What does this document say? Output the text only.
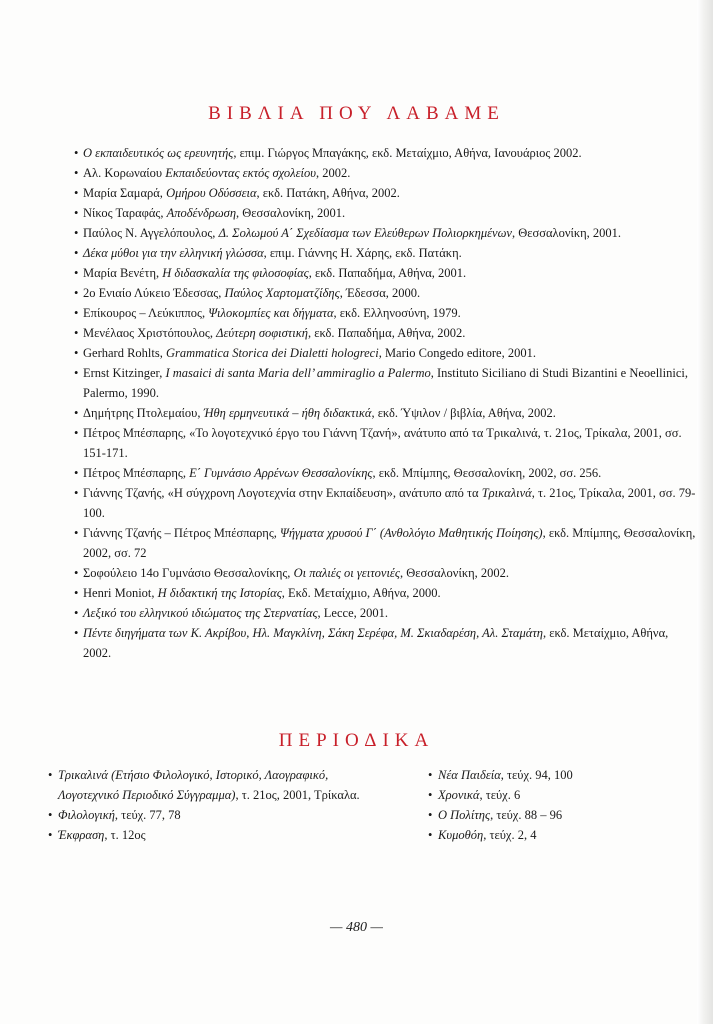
ΒΙΒΛΙΑ ΠΟΥ ΛΑΒΑΜΕ
• Ο εκπαιδευτικός ως ερευνητής, επιμ. Γιώργος Μπαγάκης, εκδ. Μεταίχμιο, Αθήνα, Ιανουάριος 2002.
• Αλ. Κορωναίου Εκπαιδεύοντας εκτός σχολείου, 2002.
• Μαρία Σαμαρά, Ομήρου Οδύσσεια, εκδ. Πατάκη, Αθήνα, 2002.
• Νίκος Ταραφάς, Αποδένδρωση, Θεσσαλονίκη, 2001.
• Παύλος Ν. Αγγελόπουλος, Δ. Σολωμού Α΄ Σχεδίασμα των Ελεύθερων Πολιορκημένων, Θεσσαλονίκη, 2001.
• Δέκα μύθοι για την ελληνική γλώσσα, επιμ. Γιάννης Η. Χάρης, εκδ. Πατάκη.
• Μαρία Βενέτη, Η διδασκαλία της φιλοσοφίας, εκδ. Παπαδήμα, Αθήνα, 2001.
• 2ο Ενιαίο Λύκειο Έδεσσας, Παύλος Χαρτοματζίδης, Έδεσσα, 2000.
• Επίκουρος – Λεύκιππος, Ψιλοκομπίες και δήγματα, εκδ. Ελληνοσύνη, 1979.
• Μενέλαος Χριστόπουλος, Δεύτερη σοφιστική, εκδ. Παπαδήμα, Αθήνα, 2002.
• Gerhard Rohlts, Grammatica Storica dei Dialetti hologreci, Mario Congedo editore, 2001.
• Ernst Kitzinger, I masaici di santa Maria dell’ ammiraglio a Palermo, Instituto Siciliano di Studi Bizantini e Neoellinici, Palermo, 1990.
• Δημήτρης Πτολεμαίου, Ήθη ερμηνευτικά – ήθη διδακτικά, εκδ. Ύψιλον / βιβλία, Αθήνα, 2002.
• Πέτρος Μπέσπαρης, «Το λογοτεχνικό έργο του Γιάννη Τζανή», ανάτυπο από τα Τρικαλινά, τ. 21ος, Τρίκαλα, 2001, σσ. 151-171.
• Πέτρος Μπέσπαρης, Ε΄ Γυμνάσιο Αρρένων Θεσσαλονίκης, εκδ. Μπίμπης, Θεσσαλονίκη, 2002, σσ. 256.
• Γιάννης Τζανής, «Η σύγχρονη Λογοτεχνία στην Εκπαίδευση», ανάτυπο από τα Τρικαλινά, τ. 21ος, Τρίκαλα, 2001, σσ. 79-100.
• Γιάννης Τζανής – Πέτρος Μπέσπαρης, Ψήγματα χρυσού Γ΄ (Ανθολόγιο Μαθητικής Ποίησης), εκδ. Μπίμπης, Θεσσαλονίκη, 2002, σσ. 72
• Σοφούλειο 14ο Γυμνάσιο Θεσσαλονίκης, Οι παλιές οι γειτονιές, Θεσσαλονίκη, 2002.
• Henri Moniot, Η διδακτική της Ιστορίας, Εκδ. Μεταίχμιο, Αθήνα, 2000.
• Λεξικό του ελληνικού ιδιώματος της Στερνατίας, Lecce, 2001.
• Πέντε διηγήματα των Κ. Ακρίβου, Ηλ. Μαγκλίνη, Σάκη Σερέφα, Μ. Σκιαδαρέση, Αλ. Σταμάτη, εκδ. Μεταίχμιο, Αθήνα, 2002.
ΠΕΡΙΟΔΙΚΑ
• Τρικαλινά (Ετήσιο Φιλολογικό, Ιστορικό, Λαογραφικό, Λογοτεχνικό Περιοδικό Σύγγραμμα), τ. 21ος, 2001, Τρίκαλα.
• Φιλολογική, τεύχ. 77, 78
• Έκφραση, τ. 12ος
• Νέα Παιδεία, τεύχ. 94, 100
• Χρονικά, τεύχ. 6
• Ο Πολίτης, τεύχ. 88 – 96
• Κυμοθόη, τεύχ. 2, 4
— 480 —
